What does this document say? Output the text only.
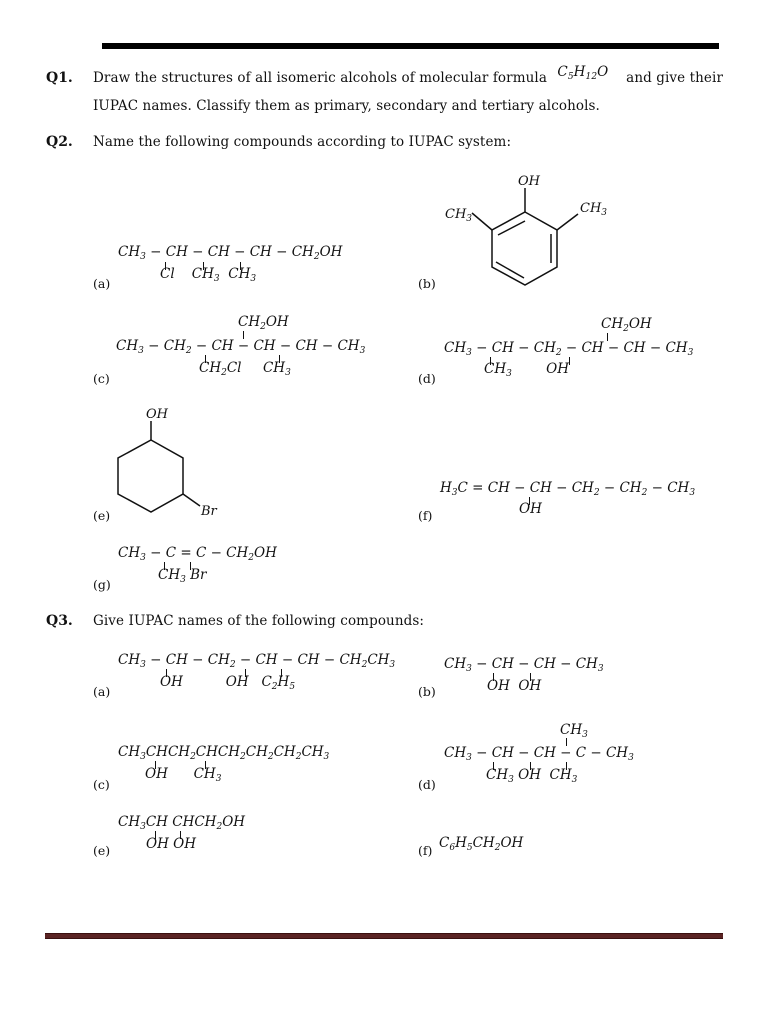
Q1. Draw the structures of all isomeric alcohols of molecular formula $C_5H_{12}O$ and give their
IUPAC names. Classify them as primary, secondary and tertiary alcohols.
Q2. Name the following compounds according to IUPAC system:
$CH_3$ − CH − CH − CH − $CH_2OH$
Cl    $CH_3$  $CH_3$
(a)
OH
$CH_3$
$CH_3$
(b)
$CH_2OH$
$CH_3 - CH_2$ − CH − CH − CH − $CH_3$
$CH_2Cl$     $CH_3$
(c)
$CH_2OH$
$CH_3$ − CH − $CH_2$ − CH − CH − $CH_3$
$CH_3$        OH
(d)
OH
Br
(e)
$H_3C$ = CH − CH − $CH_2 - CH_2 - CH_3$
OH
(f)
$CH_3 - C = C - CH_2OH$
$CH_3$ Br
(g)
Q3. Give IUPAC names of the following compounds:
$CH_3$ − CH − $CH_2$ − CH − CH − $CH_2CH_3$
OH          OH   $C_2H_5$
(a)
$CH_3$ − CH − CH − $CH_3$
OH  OH
(b)
$CH_3CHCH_2CHCH_2CH_2CH_2CH_3$
OH      $CH_3$
(c)
$CH_3$
$CH_3$ − CH − CH − $C - CH_3$
$CH_3$ OH  $CH_3$
(d)
$CH_3CH$ $CHCH_2OH$
OH OH
(e)	(f) $C_6H_5CH_2OH$
